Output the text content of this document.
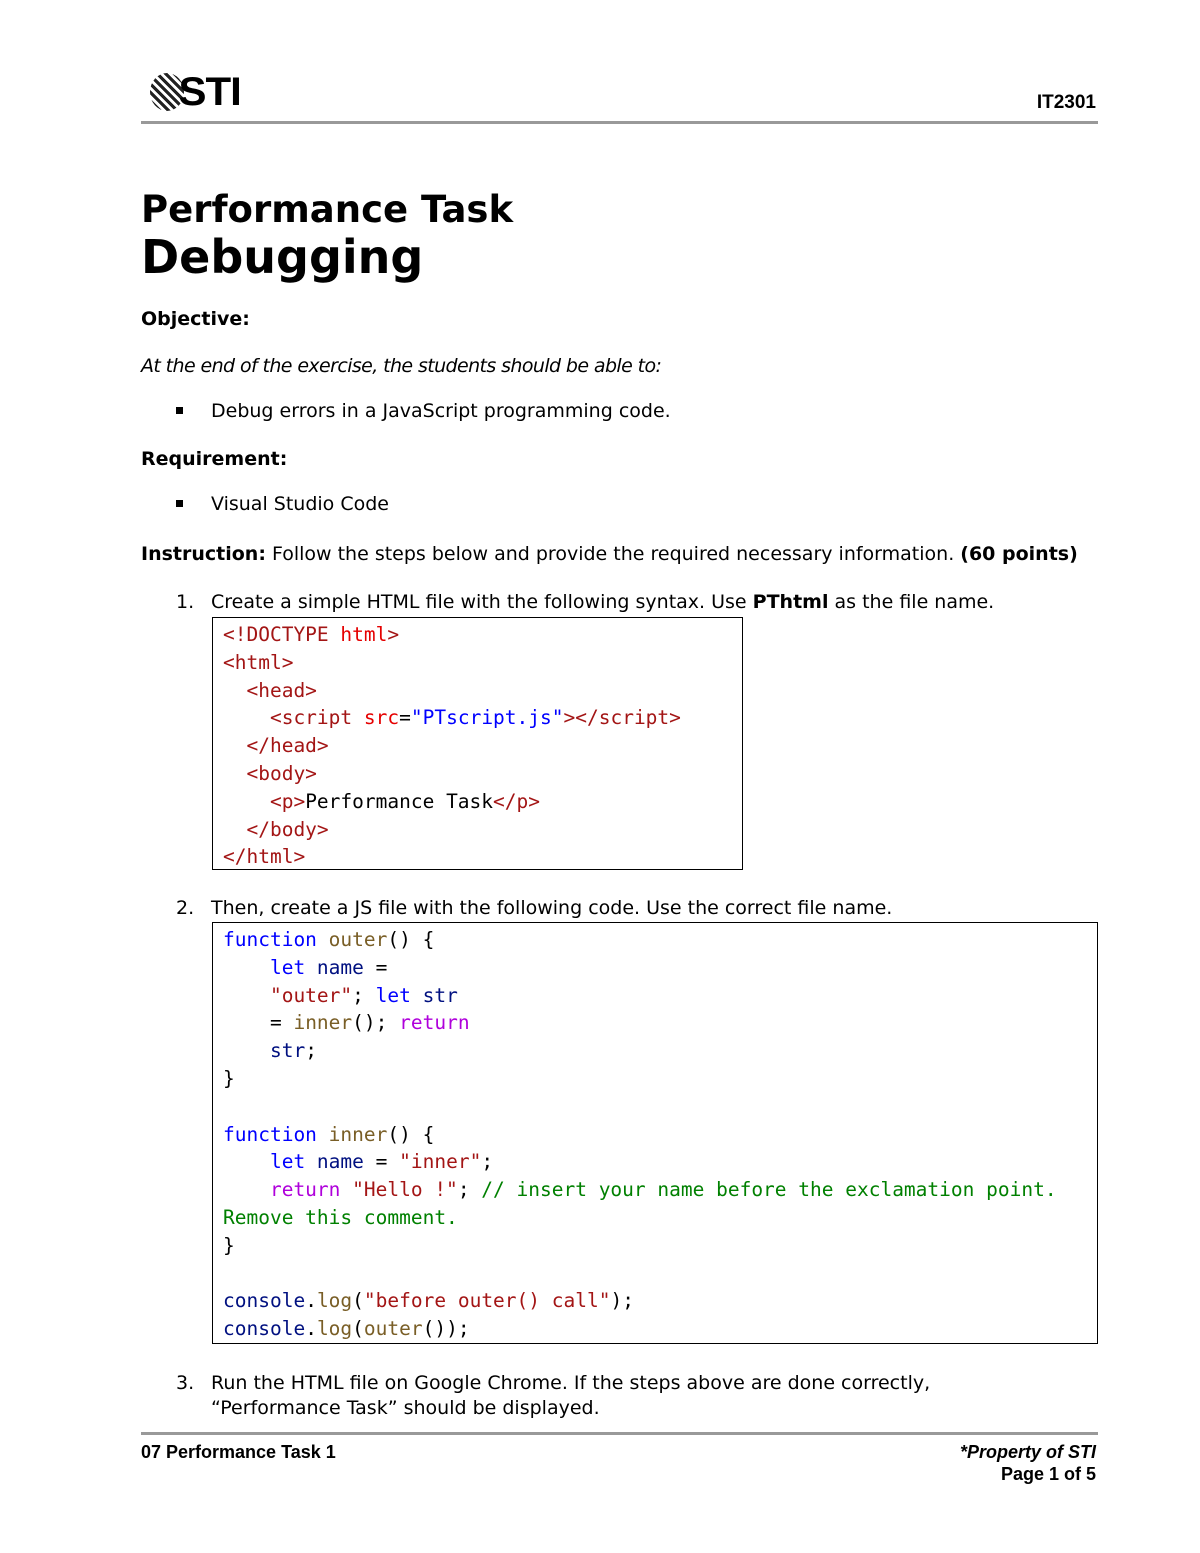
STI	IT2301
Performance Task
Debugging
Objective:
At the end of the exercise, the students should be able to:
Debug errors in a JavaScript programming code.
Requirement:
Visual Studio Code
Instruction: Follow the steps below and provide the required necessary information. (60 points)
1. Create a simple HTML file with the following syntax. Use PThtml as the file name.
<!DOCTYPE html>
<html>
<head>
<script src="PTscript.js"></script>
</head>
<body>
<p>Performance Task</p>
</body>
</html>
2. Then, create a JS file with the following code. Use the correct file name.
function outer() {
let name =
"outer"; let str
= inner(); return
str;
}
function inner() {
let name = "inner";
return "Hello !"; // insert your name before the exclamation point.
Remove this comment.
}
console.log("before outer() call");
console.log(outer());
3. Run the HTML file on Google Chrome. If the steps above are done correctly,
“Performance Task” should be displayed.
07 Performance Task 1	*Property of STI
Page 1 of 5
